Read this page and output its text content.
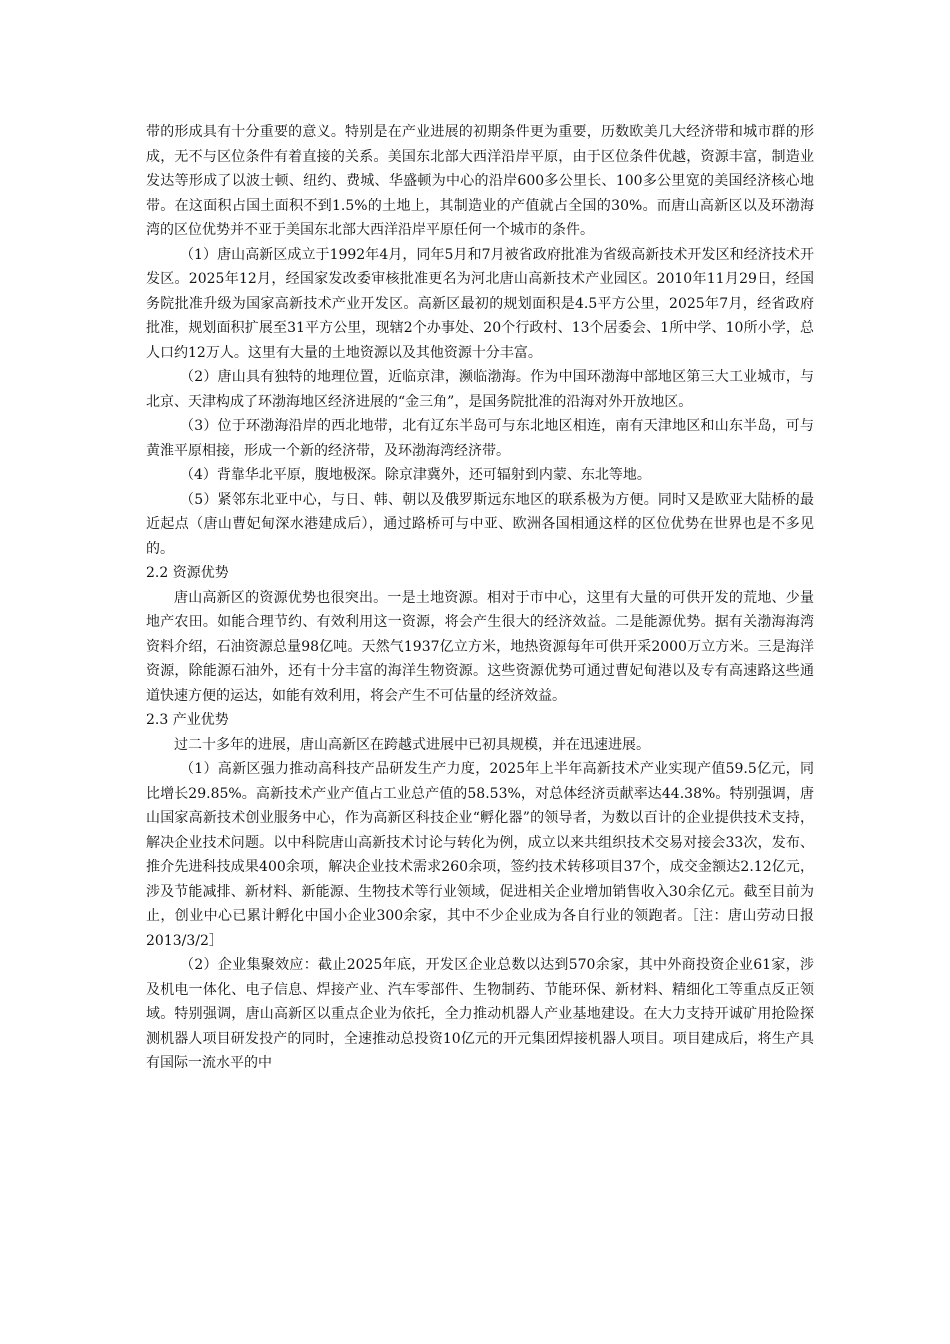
带的形成具有十分重要的意义。特别是在产业进展的初期条件更为重要，历数欧美几大经济带和城市群的形成，无不与区位条件有着直接的关系。美国东北部大西洋沿岸平原，由于区位条件优越，资源丰富，制造业发达等形成了以波士顿、纽约、费城、华盛顿为中心的沿岸600多公里长、100多公里宽的美国经济核心地带。在这面积占国土面积不到1.5%的土地上，其制造业的产值就占全国的30%。而唐山高新区以及环渤海湾的区位优势并不亚于美国东北部大西洋沿岸平原任何一个城市的条件。

（1）唐山高新区成立于1992年4月，同年5月和7月被省政府批准为省级高新技术开发区和经济技术开发区。2025年12月，经国家发改委审核批准更名为河北唐山高新技术产业园区。2010年11月29日，经国务院批准升级为国家高新技术产业开发区。高新区最初的规划面积是4.5平方公里，2025年7月，经省政府批准，规划面积扩展至31平方公里，现辖2个办事处、20个行政村、13个居委会、1所中学、10所小学，总人口约12万人。这里有大量的土地资源以及其他资源十分丰富。

（2）唐山具有独特的地理位置，近临京津，濒临渤海。作为中国环渤海中部地区第三大工业城市，与北京、天津构成了环渤海地区经济进展的“金三角”，是国务院批准的沿海对外开放地区。

（3）位于环渤海沿岸的西北地带，北有辽东半岛可与东北地区相连，南有天津地区和山东半岛，可与黄淮平原相接，形成一个新的经济带，及环渤海湾经济带。

（4）背靠华北平原，腹地极深。除京津冀外，还可辐射到内蒙、东北等地。

（5）紧邻东北亚中心，与日、韩、朝以及俄罗斯远东地区的联系极为方便。同时又是欧亚大陆桥的最近起点（唐山曹妃甸深水港建成后），通过路桥可与中亚、欧洲各国相通这样的区位优势在世界也是不多见的。

2.2 资源优势

唐山高新区的资源优势也很突出。一是土地资源。相对于市中心，这里有大量的可供开发的荒地、少量地产农田。如能合理节约、有效利用这一资源，将会产生很大的经济效益。二是能源优势。据有关渤海海湾资料介绍，石油资源总量98亿吨。天然气1937亿立方米，地热资源每年可供开采2000万立方米。三是海洋资源，除能源石油外，还有十分丰富的海洋生物资源。这些资源优势可通过曹妃甸港以及专有高速路这些通道快速方便的运达，如能有效利用，将会产生不可估量的经济效益。

2.3 产业优势

过二十多年的进展，唐山高新区在跨越式进展中已初具规模，并在迅速进展。

（1）高新区强力推动高科技产品研发生产力度，2025年上半年高新技术产业实现产值59.5亿元，同比增长29.85%。高新技术产业产值占工业总产值的58.53%，对总体经济贡献率达44.38%。特别强调，唐山国家高新技术创业服务中心，作为高新区科技企业“孵化器”的领导者，为数以百计的企业提供技术支持，解决企业技术问题。以中科院唐山高新技术讨论与转化为例，成立以来共组织技术交易对接会33次，发布、推介先进科技成果400余项，解决企业技术需求260余项，签约技术转移项目37个，成交金额达2.12亿元，涉及节能减排、新材料、新能源、生物技术等行业领域，促进相关企业增加销售收入30余亿元。截至目前为止，创业中心已累计孵化中国小企业300余家，其中不少企业成为各自行业的领跑者。［注：唐山劳动日报2013/3/2］

（2）企业集聚效应：截止2025年底，开发区企业总数以达到570余家，其中外商投资企业61家，涉及机电一体化、电子信息、焊接产业、汽车零部件、生物制药、节能环保、新材料、精细化工等重点反正领域。特别强调，唐山高新区以重点企业为依托，全力推动机器人产业基地建设。在大力支持开诚矿用抢险探测机器人项目研发投产的同时，全速推动总投资10亿元的开元集团焊接机器人项目。项目建成后，将生产具有国际一流水平的中
